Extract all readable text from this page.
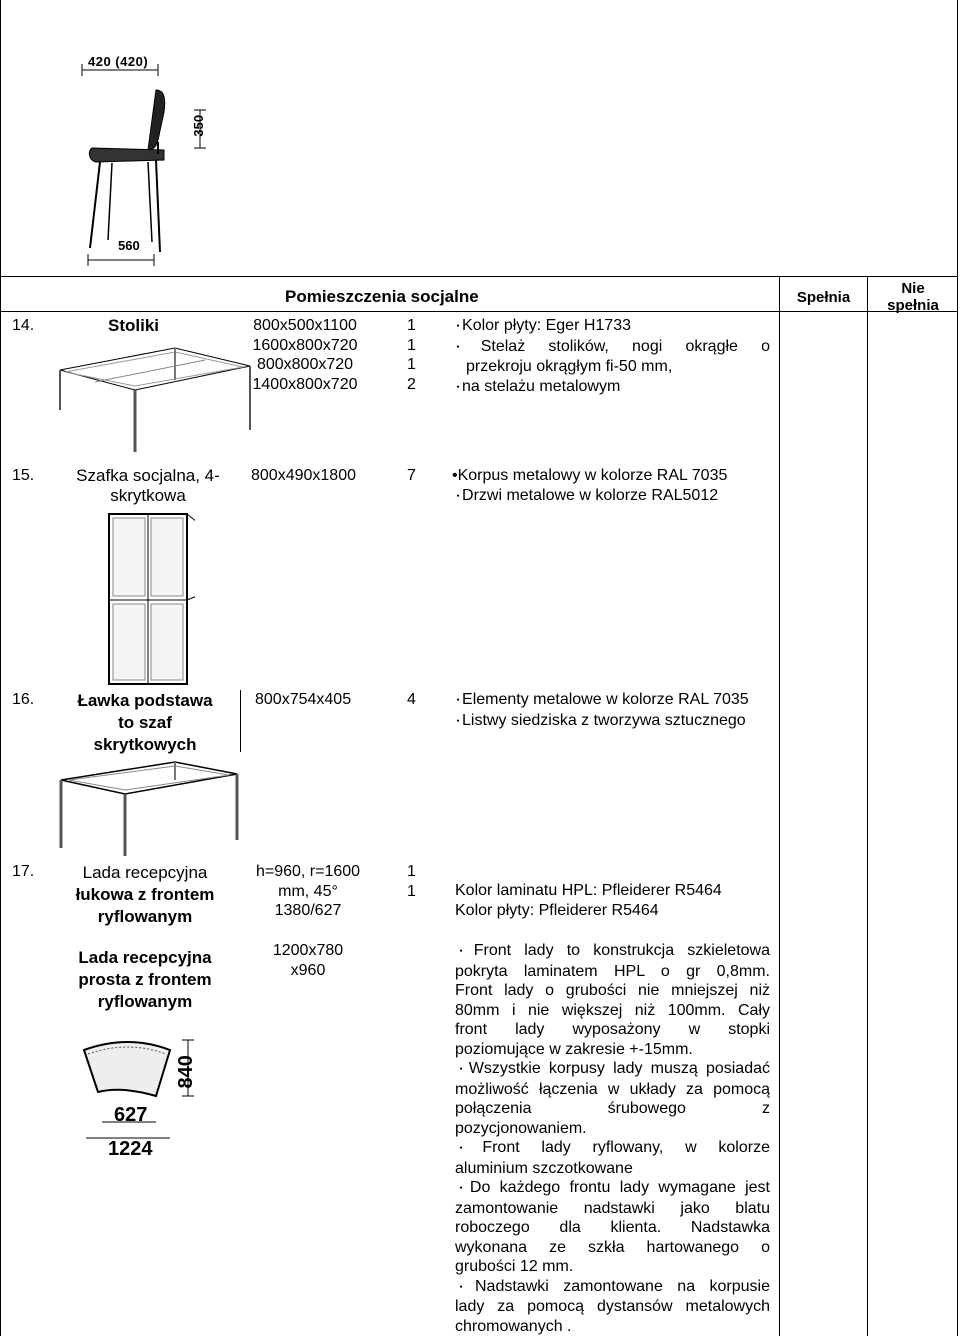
420 (420)
350
560
Pomieszczenia socjalne	Spełnia
Nie
spełnia
14.	Stoliki	800x500x1100
1600x800x720
800x800x720
1400x800x720
1
1
1
2
・ Kolor płyty: Eger H1733
・ Stelaż stolików, nogi okrągłe o
przekroju okrągłym fi-50 mm,
・ na stelażu metalowym
15.	Szafka socjalna, 4-
skrytkowa
800x490x1800	7 •Korpus metalowy w kolorze RAL 7035
・ Drzwi metalowe w kolorze RAL5012
16.	Ławka podstawa
to szaf
skrytkowych
800x754x405	4
・	Elementy metalowe w kolorze RAL 7035
・ Listwy siedziska z tworzywa sztucznego
17.	Lada recepcyjna
łukowa z frontem
ryflowanym
h=960, r=1600
mm, 45°
1380/627
1
1 Kolor laminatu HPL: Pfleiderer R5464
Kolor płyty: Pfleiderer R5464
Lada recepcyjna
prosta z frontem
ryflowanym
1200x780
x960
・ Front lady to konstrukcja szkieletowa
pokryta laminatem HPL o gr 0,8mm.
Front lady o grubości nie mniejszej niż
80mm i nie większej niż 100mm. Cały
front lady wyposażony w stopki
poziomujące w zakresie +-15mm.
・ Wszystkie korpusy lady muszą posiadać
możliwość łączenia w układy za pomocą
połączenia śrubowego z
pozycjonowaniem.
・ Front lady ryflowany, w kolorze
aluminium szczotkowane
・ Do każdego frontu lady wymagane jest
zamontowanie nadstawki jako blatu
roboczego dla klienta. Nadstawka
wykonana ze szkła hartowanego o
grubości 12 mm.
・ Nadstawki zamontowane na korpusie
lady za pomocą dystansów metalowych
chromowanych .
840
627
1224
